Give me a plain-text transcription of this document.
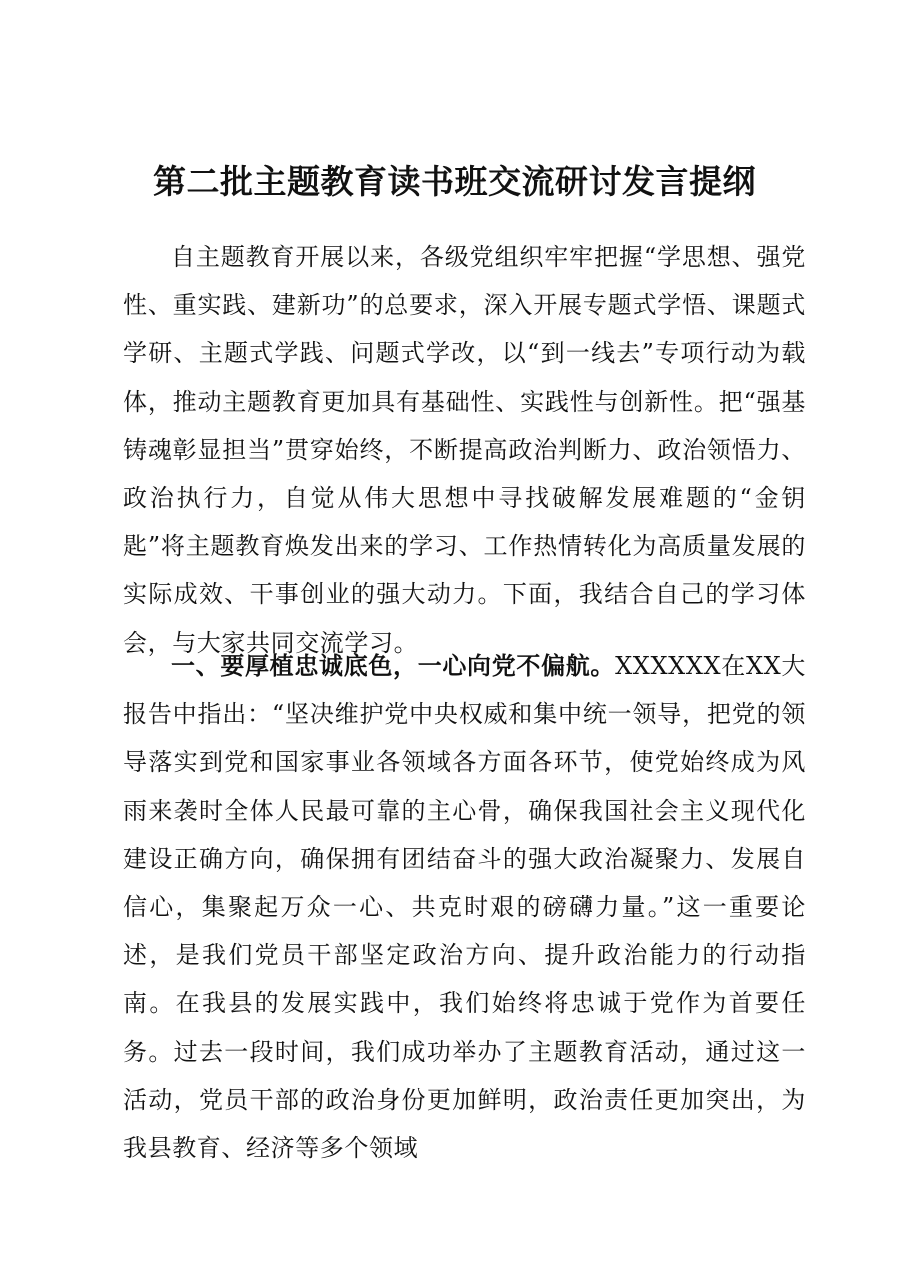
第二批主题教育读书班交流研讨发言提纲

自主题教育开展以来，各级党组织牢牢把握“学思想、强党性、重实践、建新功”的总要求，深入开展专题式学悟、课题式学研、主题式学践、问题式学改，以“到一线去”专项行动为载体，推动主题教育更加具有基础性、实践性与创新性。把“强基铸魂彰显担当”贯穿始终，不断提高政治判断力、政治领悟力、政治执行力，自觉从伟大思想中寻找破解发展难题的“金钥匙”将主题教育焕发出来的学习、工作热情转化为高质量发展的实际成效、干事创业的强大动力。下面，我结合自己的学习体会，与大家共同交流学习。

一、要厚植忠诚底色，一心向党不偏航。XXXXXX在XX大报告中指出：“坚决维护党中央权威和集中统一领导，把党的领导落实到党和国家事业各领域各方面各环节，使党始终成为风雨来袭时全体人民最可靠的主心骨，确保我国社会主义现代化建设正确方向，确保拥有团结奋斗的强大政治凝聚力、发展自信心，集聚起万众一心、共克时艰的磅礴力量。”这一重要论述，是我们党员干部坚定政治方向、提升政治能力的行动指南。在我县的发展实践中，我们始终将忠诚于党作为首要任务。过去一段时间，我们成功举办了主题教育活动，通过这一活动，党员干部的政治身份更加鲜明，政治责任更加突出，为我县教育、经济等多个领域
